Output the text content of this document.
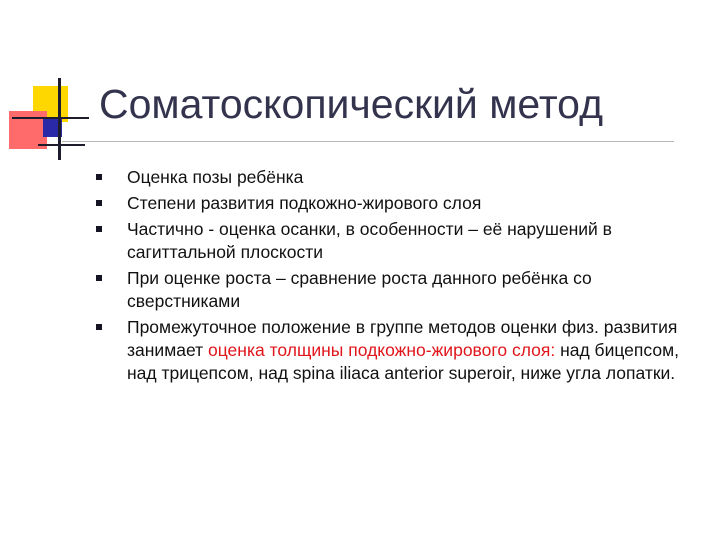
Соматоскопический метод
Оценка позы ребёнка
Степени развития подкожно-жирового слоя
Частично - оценка осанки, в особенности – её нарушений в сагиттальной плоскости
При оценке роста – сравнение роста данного ребёнка со сверстниками
Промежуточное положение в группе методов оценки физ. развития занимает оценка толщины подкожно-жирового слоя: над бицепсом, над трицепсом, над spina iliaca anterior superoir, ниже угла лопатки.
